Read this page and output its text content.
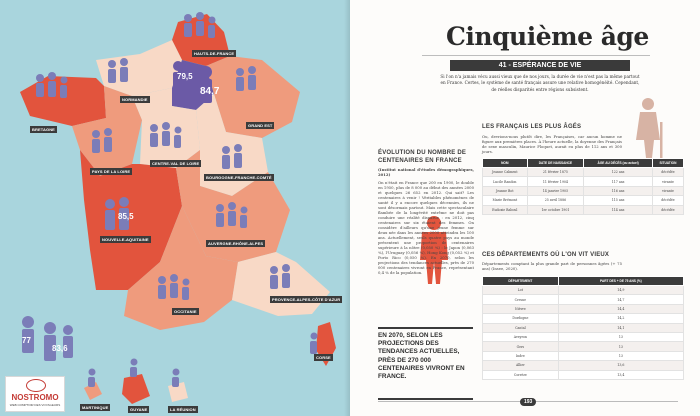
HAUTS-DE-FRANCE
NORMANDIE
GRAND EST
BRETAGNE
PAYS DE LA LOIRE
CENTRE-VAL DE LOIRE
BOURGOGNE-FRANCHE-COMTÉ
NOUVELLE-AQUITAINE
AUVERGNE-RHÔNE-ALPES
OCCITANIE
PROVENCE-ALPES-CÔTE D'AZUR
CORSE
MARTINIQUE	GUYANE	LA RÉUNION
79,5
84,7
85,5
77
83,6
NOSTROMO
WEB COMPTOIR DES VOYAGEURS
Cinquième âge
41 - ESPÉRANCE DE VIE
Si l'on n'a jamais vécu aussi vieux que de nos jours, la durée de vie n'est pas la même partout en France. Certes, le système de santé français assure une relative homogénéité. Cependant, de réelles disparités entre régions subsistent.
LES FRANÇAIS LES PLUS ÂGÉS
Ou, devrions-nous plutôt dire, les Françaises, car aucun homme ne figure aux premières places. À l'heure actuelle, la doyenne des Français de sexe masculin, Maurice Floquet, aurait eu plus de 112 ans et 300 jours.
NOM	DATE DE NAISSANCE	ÂGE AU DÉCÈS (ou actuel)	SITUATION
Jeanne Calment	21 février 1875	122 ans	décédée
Lucile Randon	11 février 1904	117 ans	vivante
Jeanne Bot	14 janvier 1905	116 ans	vivante
Marie Brémont	25 avril 1886	115 ans	décédée
Eudoxie Baboul	1er octobre 1901	114 ans	décédée
ÉVOLUTION DU NOMBRE DE CENTENAIRES EN FRANCE
(Institut national d'études démographiques, 2012)
On n'était en France que 200 en 1900, le double en 1950, plus de 8 000 au début des années 2000 et quelques 26 652 en 2012. Qui sait? Les centenaires à venir ! Véritables phénomènes de santé il y a encore quelques décennies, ils ne sont désormais partout. Mais cette spectaculaire flambée de la longévité extrême ne doit pas conduire une réalité disparue : en 2012, cinq centenaires sur six étaient des femmes. On considère d'ailleurs qu'une jeune femme sur deux née dans les années 2000 atteindra les 100 ans. Actuellement, seuls quatre pays au monde présentent une proportion de centenaires supérieure à la nôtre (0,050 %) : le Japon (0,063 %), l'Uruguay (0,056 %), Hong Kong (0,052 %) et Porto Rico (0,050 %). En 2070, selon les projections des tendances actuelles, près de 270 000 centenaires vivront en France, représentant 0,4 % de la population.
EN 2070, SELON LES PROJECTIONS DES TENDANCES ACTUELLES, PRÈS DE 270 000 CENTENAIRES VIVRONT EN FRANCE.
CES DÉPARTEMENTS OÙ L'ON VIT VIEUX
Départements comptant la plus grande part de personnes âgées (+ 75 ans) (Insee, 2020).
DÉPARTEMENT	PART DES + DE 75 ANS (%)
Lot	14,9
Creuse	14,7
Nièvre	14,4
Dordogne	14,2
Cantal	14,1
Aveyron	13
Gers	13
Indre	13
Allier	13,6
Corrèze	13,4
193
